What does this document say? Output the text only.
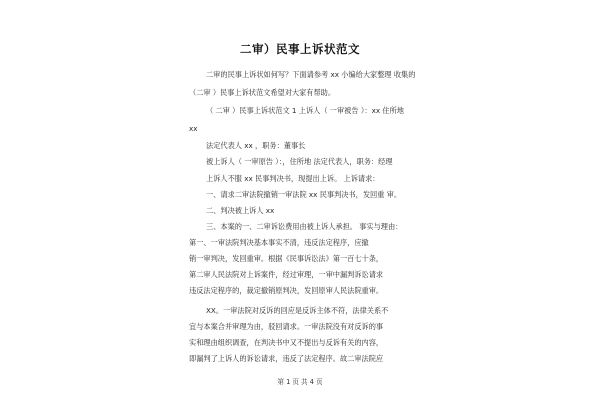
二审）民事上诉状范文
二审的民事上诉状如何写？下面请参考 xx 小编给大家整理 收集的
（二审 ）民事上诉状范文希望对大家有帮助。
（ 二审 ）民事上诉状范文 1 上诉人（ 一审被告 ）：xx 住所地
xx
法定代表人 xx ，职务：董事长
被上诉人（ 一审原告 ）：，住所地 法定代表人，职务：经理
上诉人不服 xx 民事判决书，现提出上诉。 上诉请求：
一、请求二审法院撤销一审法院 xx 民事判决书，发回重 审。
二、判决被上诉人 xx
三、本案的一、二审诉讼费用由被上诉人承担。 事实与理由：
第一、一审法院判决基本事实不清，违反法定程序，应撤
销一审判决，发回重审。根据《民事诉讼法》第一百七十条，
第二审人民法院对上诉案件，经过审理，一审中漏判诉讼请求
违反法定程序的，裁定撤销原判决，发回原审人民法院重审。
XX。一审法院对反诉的回应是反诉主体不符，法律关系不
宜与本案合并审理为由，驳回请求。一审法院没有对反诉的事
实和理由组织调查，在判决书中又不提出与反诉有关的内容，
即漏判了上诉人的诉讼请求，违反了法定程序。故二审法院应
第 1 页 共 4 页
